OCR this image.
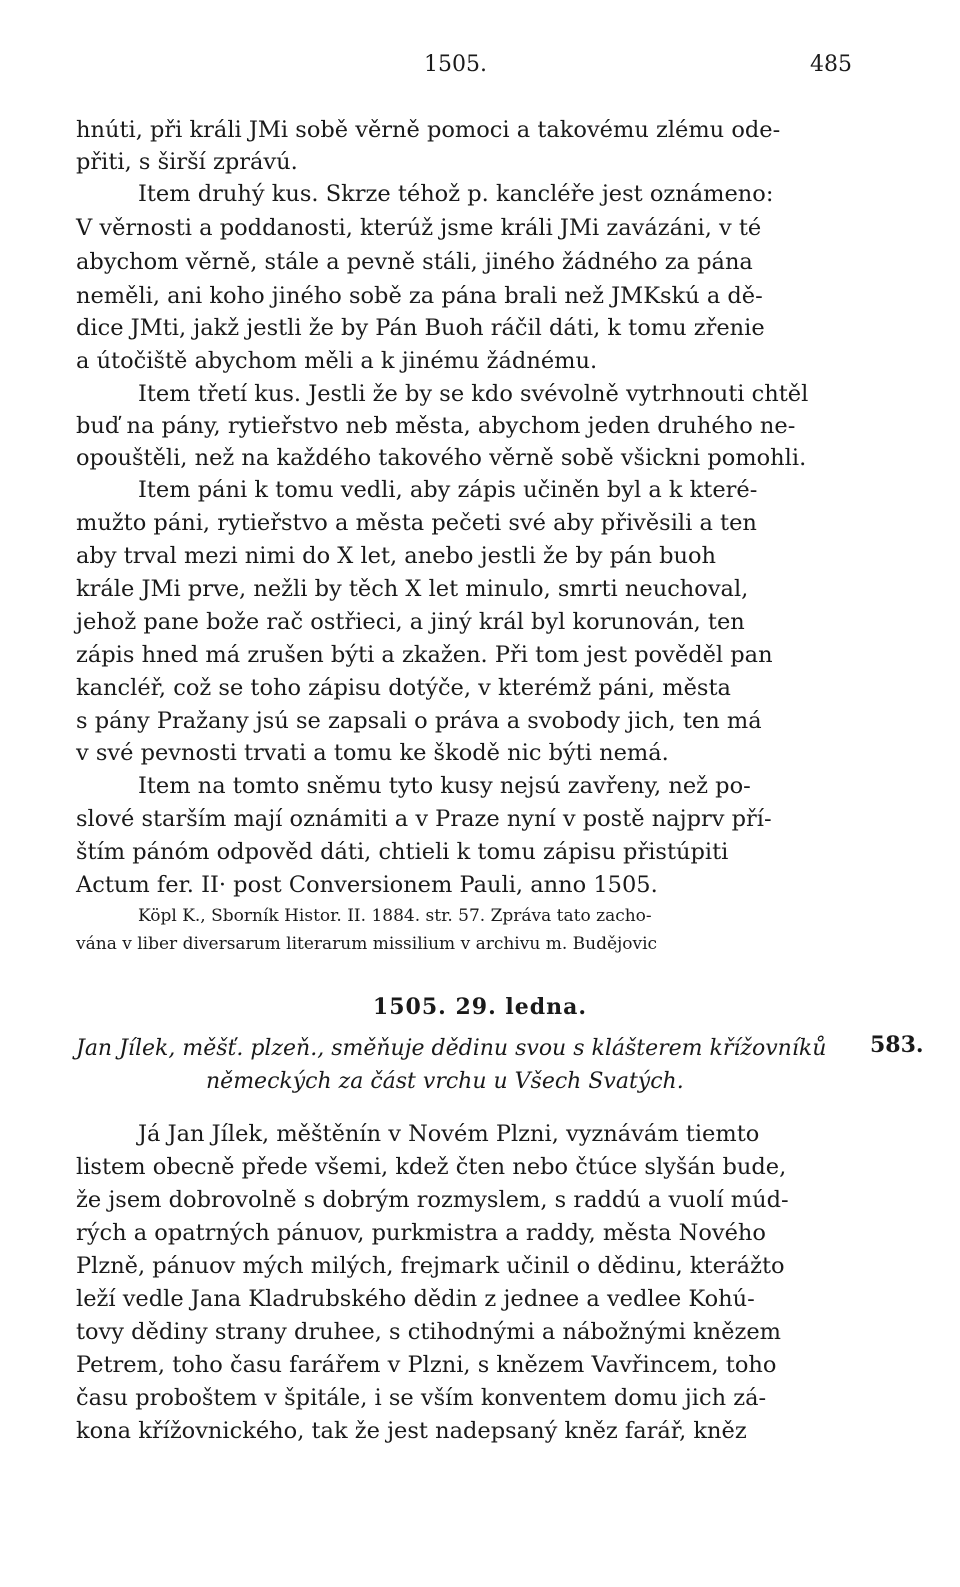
1505.	485
hnúti, při králi JMi sobě věrně pomoci a takovému zlému ode-
přiti, s širší zprávú.
Item druhý kus. Skrze téhož p. kancléře jest oznámeno:
V věrnosti a poddanosti, kterúž jsme králi JMi zavázáni, v té
abychom věrně, stále a pevně stáli, jiného žádného za pána
neměli, ani koho jiného sobě za pána brali než JMKskú a dě-
dice JMti, jakž jestli že by Pán Buoh ráčil dáti, k tomu zřenie
a útočiště abychom měli a k jinému žádnému.
Item třetí kus. Jestli že by se kdo svévolně vytrhnouti chtěl
buď na pány, rytieřstvo neb města, abychom jeden druhého ne-
opouštěli, než na každého takového věrně sobě všickni pomohli.
Item páni k tomu vedli, aby zápis učiněn byl a k které-
mužto páni, rytieřstvo a města pečeti své aby přivěsili a ten
aby trval mezi nimi do X let, anebo jestli že by pán buoh
krále JMi prve, nežli by těch X let minulo, smrti neuchoval,
jehož pane bože rač ostřieci, a jiný král byl korunován, ten
zápis hned má zrušen býti a zkažen. Při tom jest pověděl pan
kancléř, což se toho zápisu dotýče, v kterémž páni, města
s pány Pražany jsú se zapsali o práva a svobody jich, ten má
v své pevnosti trvati a tomu ke škodě nic býti nemá.
Item na tomto sněmu tyto kusy nejsú zavřeny, než po-
slové starším mají oznámiti a v Praze nyní v postě najprv pří-
štím pánóm odpověd dáti, chtieli k tomu zápisu přistúpiti
Actum fer. II· post Conversionem Pauli, anno 1505.
Köpl K., Sborník Histor. II. 1884. str. 57. Zpráva tato zacho-
vána v liber diversarum literarum missilium v archivu m. Budějovic
1505. 29. ledna.
583.
Jan Jílek, měšť. plzeň., směňuje dědinu svou s klášterem křížovníků
německých za část vrchu u Všech Svatých.
Já Jan Jílek, měštěnín v Novém Plzni, vyznávám tiemto
listem obecně přede všemi, kdež čten nebo čtúce slyšán bude,
že jsem dobrovolně s dobrým rozmyslem, s raddú a vuolí múd-
rých a opatrných pánuov, purkmistra a raddy, města Nového
Plzně, pánuov mých milých, frejmark učinil o dědinu, kterážto
leží vedle Jana Kladrubského dědin z jednee a vedlee Kohú-
tovy dědiny strany druhee, s ctihodnými a nábožnými knězem
Petrem, toho času farářem v Plzni, s knězem Vavřincem, toho
času proboštem v špitále, i se vším konventem domu jich zá-
kona křížovnického, tak že jest nadepsaný kněz farář, kněz
